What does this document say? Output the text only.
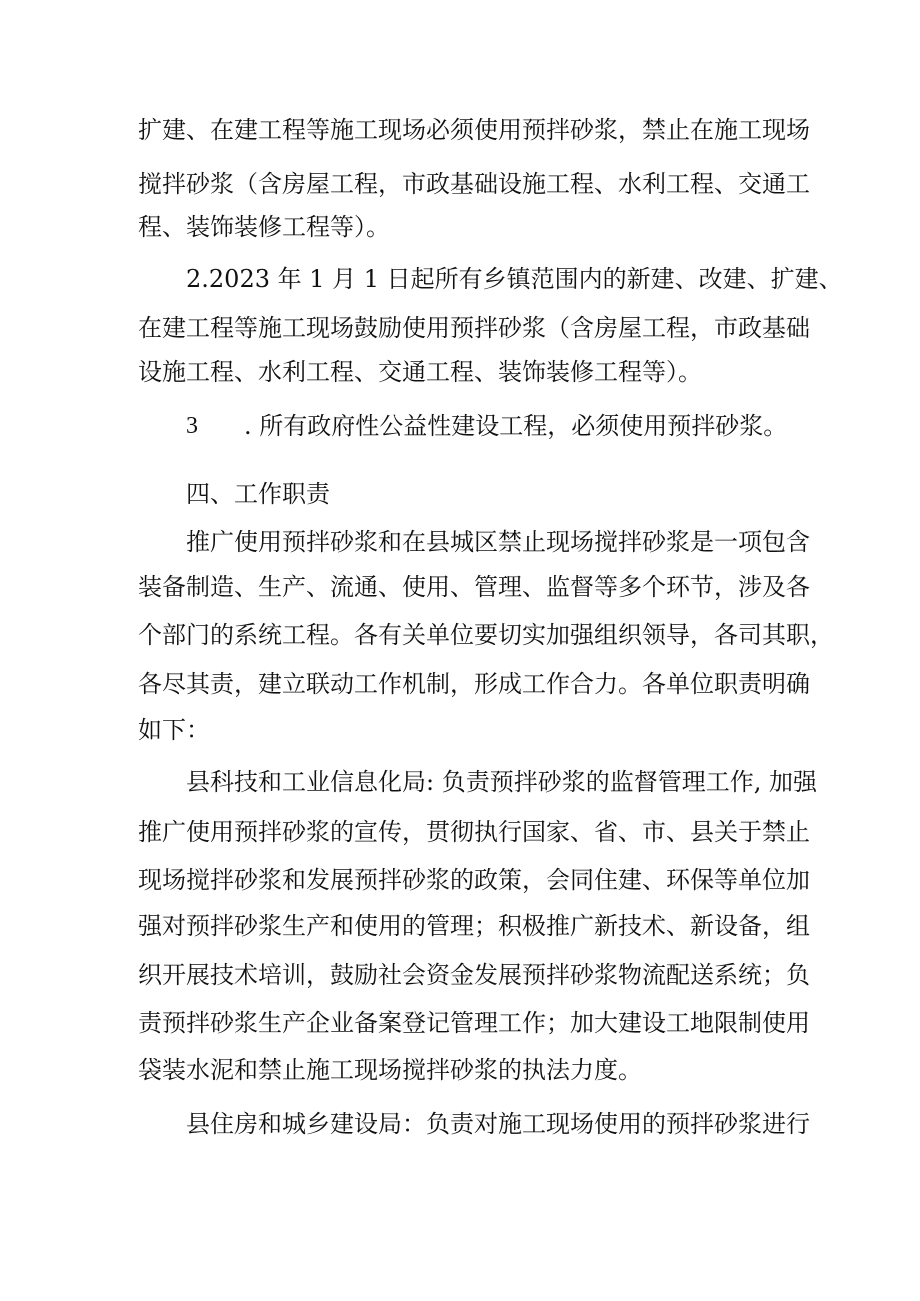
扩建、在建工程等施工现场必须使用预拌砂浆，禁止在施工现场
搅拌砂浆（含房屋工程，市政基础设施工程、水利工程、交通工
程、装饰装修工程等）。
2.2023 年 1 月 1 日起所有乡镇范围内的新建、改建、扩建、
在建工程等施工现场鼓励使用预拌砂浆（含房屋工程，市政基础
设施工程、水利工程、交通工程、装饰装修工程等）。
3 . 所有政府性公益性建设工程，必须使用预拌砂浆。
四、工作职责
推广使用预拌砂浆和在县城区禁止现场搅拌砂浆是一项包含
装备制造、生产、流通、使用、管理、监督等多个环节，涉及各
个部门的系统工程。各有关单位要切实加强组织领导，各司其职，
各尽其责，建立联动工作机制，形成工作合力。各单位职责明确
如下：
县科技和工业信息化局: 负责预拌砂浆的监督管理工作, 加强
推广使用预拌砂浆的宣传，贯彻执行国家、省、市、县关于禁止
现场搅拌砂浆和发展预拌砂浆的政策，会同住建、环保等单位加
强对预拌砂浆生产和使用的管理；积极推广新技术、新设备，组
织开展技术培训，鼓励社会资金发展预拌砂浆物流配送系统；负
责预拌砂浆生产企业备案登记管理工作；加大建设工地限制使用
袋装水泥和禁止施工现场搅拌砂浆的执法力度。
县住房和城乡建设局：负责对施工现场使用的预拌砂浆进行
